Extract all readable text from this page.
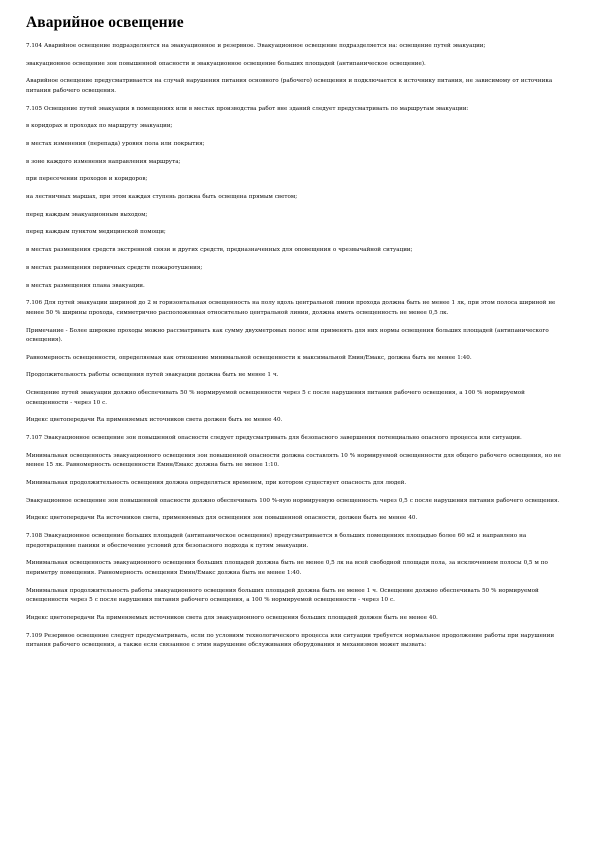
Аварийное освещение

7.104 Аварийное освещение подразделяется на эвакуационное и резервное. Эвакуационное освещение подразделяется на: освещение путей эвакуации;

эвакуационное освещение зон повышенной опасности и эвакуационное освещение больших площадей (антипаническое освещение).

Аварийное освещение предусматривается на случай нарушения питания основного (рабочего) освещения и подключается к источнику питания, не зависимому от источника питания рабочего освещения.

7.105 Освещение путей эвакуации в помещениях или в местах производства работ вне зданий следует предусматривать по маршрутам эвакуации:

в коридорах и проходах по маршруту эвакуации;

в местах изменения (перепада) уровня пола или покрытия;

в зоне каждого изменения направления маршрута;

при пересечении проходов и коридоров;

на лестничных маршах, при этом каждая ступень должна быть освещена прямым светом;

перед каждым эвакуационным выходом;

перед каждым пунктом медицинской помощи;

в местах размещения средств экстренной связи и других средств, предназначенных для оповещения о чрезвычайной ситуации;

в местах размещения первичных средств пожаротушения;

в местах размещения плана эвакуации.

7.106 Для путей эвакуации шириной до 2 м горизонтальная освещенность на полу вдоль центральной линии прохода должна быть не менее 1 лк, при этом полоса шириной не менее 50 % ширины прохода, симметрично расположенная относительно центральной линии, должна иметь освещенность не менее 0,5 лк.

Примечание - Более широкие проходы можно рассматривать как сумму двухметровых полос или применять для них нормы освещения больших площадей (антипанического освещения).

Равномерность освещенности, определяемая как отношение минимальной освещенности к максимальной Емин/Емакс, должна быть не менее 1:40.

Продолжительность работы освещения путей эвакуации должна быть не менее 1 ч.

Освещение путей эвакуации должно обеспечивать 50 % нормируемой освещенности через 5 с после нарушения питания рабочего освещения, а 100 % нормируемой освещенности - через 10 с.

Индекс цветопередачи Ra применяемых источников света должен быть не менее 40.

7.107 Эвакуационное освещение зон повышенной опасности следует предусматривать для безопасного завершения потенциально опасного процесса или ситуации.

Минимальная освещенность эвакуационного освещения зон повышенной опасности должна составлять 10 % нормируемой освещенности для общего рабочего освещения, но не менее 15 лк. Равномерность освещенности Емин/Емакс должна быть не менее 1:10.

Минимальная продолжительность освещения должна определяться временем, при котором существует опасность для людей.

Эвакуационное освещение зон повышенной опасности должно обеспечивать 100 %-ную нормируемую освещенность через 0,5 с после нарушения питания рабочего освещения.

Индекс цветопередачи Ra источников света, применяемых для освещения зон повышенной опасности, должен быть не менее 40.

7.108 Эвакуационное освещение больших площадей (антипаническое освещение) предусматривается в больших помещениях площадью более 60 м2 и направлено на предотвращение паники и обеспечение условий для безопасного подхода к путям эвакуации.

Минимальная освещенность эвакуационного освещения больших площадей должна быть не менее 0,5 лк на всей свободной площади пола, за исключением полосы 0,5 м по периметру помещения. Равномерность освещения Емин/Емакс должна быть не менее 1:40.

Минимальная продолжительность работы эвакуационного освещения больших площадей должна быть не менее 1 ч. Освещение должно обеспечивать 50 % нормируемой освещенности через 5 с после нарушения питания рабочего освещения, а 100 % нормируемой освещенности - через 10 с.

Индекс цветопередачи Ra применяемых источников света для эвакуационного освещения больших площадей должен быть не менее 40.

7.109 Резервное освещение следует предусматривать, если по условиям технологического процесса или ситуации требуется нормальное продолжение работы при нарушении питания рабочего освещения, а также если связанное с этим нарушение обслуживания оборудования и механизмов может вызвать:
